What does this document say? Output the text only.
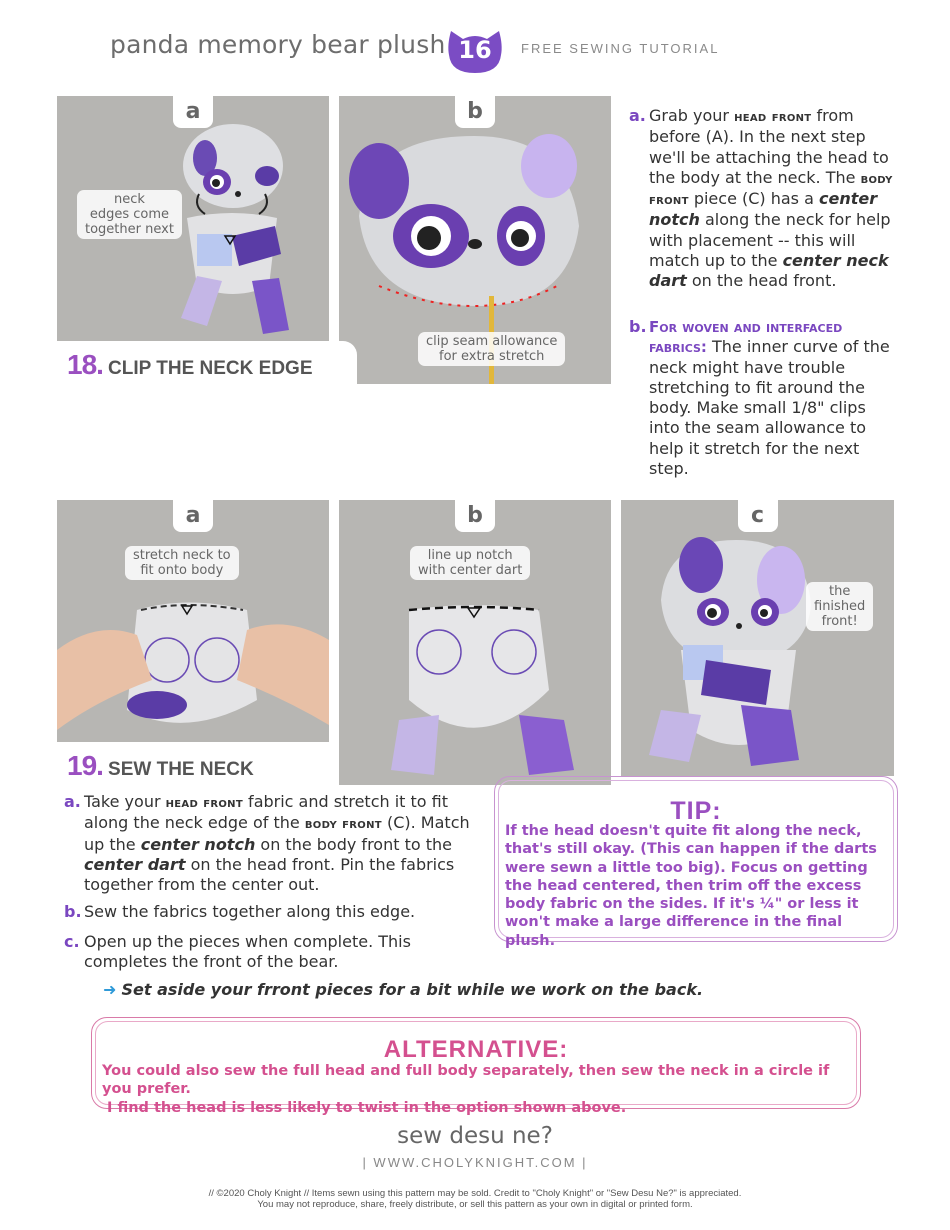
panda memory bear plush 16	FREE SEWING TUTORIAL
a
neck
edges come
together next
b
clip seam allowance
for extra stretch
18. CLIP THE NECK EDGE
a. Grab your head front from before (A). In the next step we'll be attaching the head to the body at the neck. The body front piece (C) has a center notch along the neck for help with placement -- this will match up to the center neck dart on the head front.
b. For woven and interfaced fabrics: The inner curve of the neck might have trouble stretching to fit around the body. Make small 1/8" clips into the seam allowance to help it stretch for the next step.
a
stretch neck to
fit onto body
b
line up notch
with center dart
c
the
finished
front!
19. SEW THE NECK
a. Take your head front fabric and stretch it to fit along the neck edge of the body front (C). Match up the center notch on the body front to the center dart on the head front. Pin the fabrics together from the center out.
b. Sew the fabrics together along this edge.
c. Open up the pieces when complete. This completes the front of the bear.
➜ Set aside your frront pieces for a bit while we work on the back.
TIP:
If the head doesn't quite fit along the neck, that's still okay. (This can happen if the darts were sewn a little too big). Focus on getting the head centered, then trim off the excess body fabric on the sides. If it's ¼" or less it won't make a large difference in the final plush.
ALTERNATIVE:
You could also sew the full head and full body separately, then sew the neck in a circle if you prefer.
I find the head is less likely to twist in the option shown above.
sew desu ne?
| WWW.CHOLYKNIGHT.COM |
// ©2020 Choly Knight // Items sewn using this pattern may be sold. Credit to "Choly Knight" or "Sew Desu Ne?" is appreciated.
You may not reproduce, share, freely distribute, or sell this pattern as your own in digital or printed form.
